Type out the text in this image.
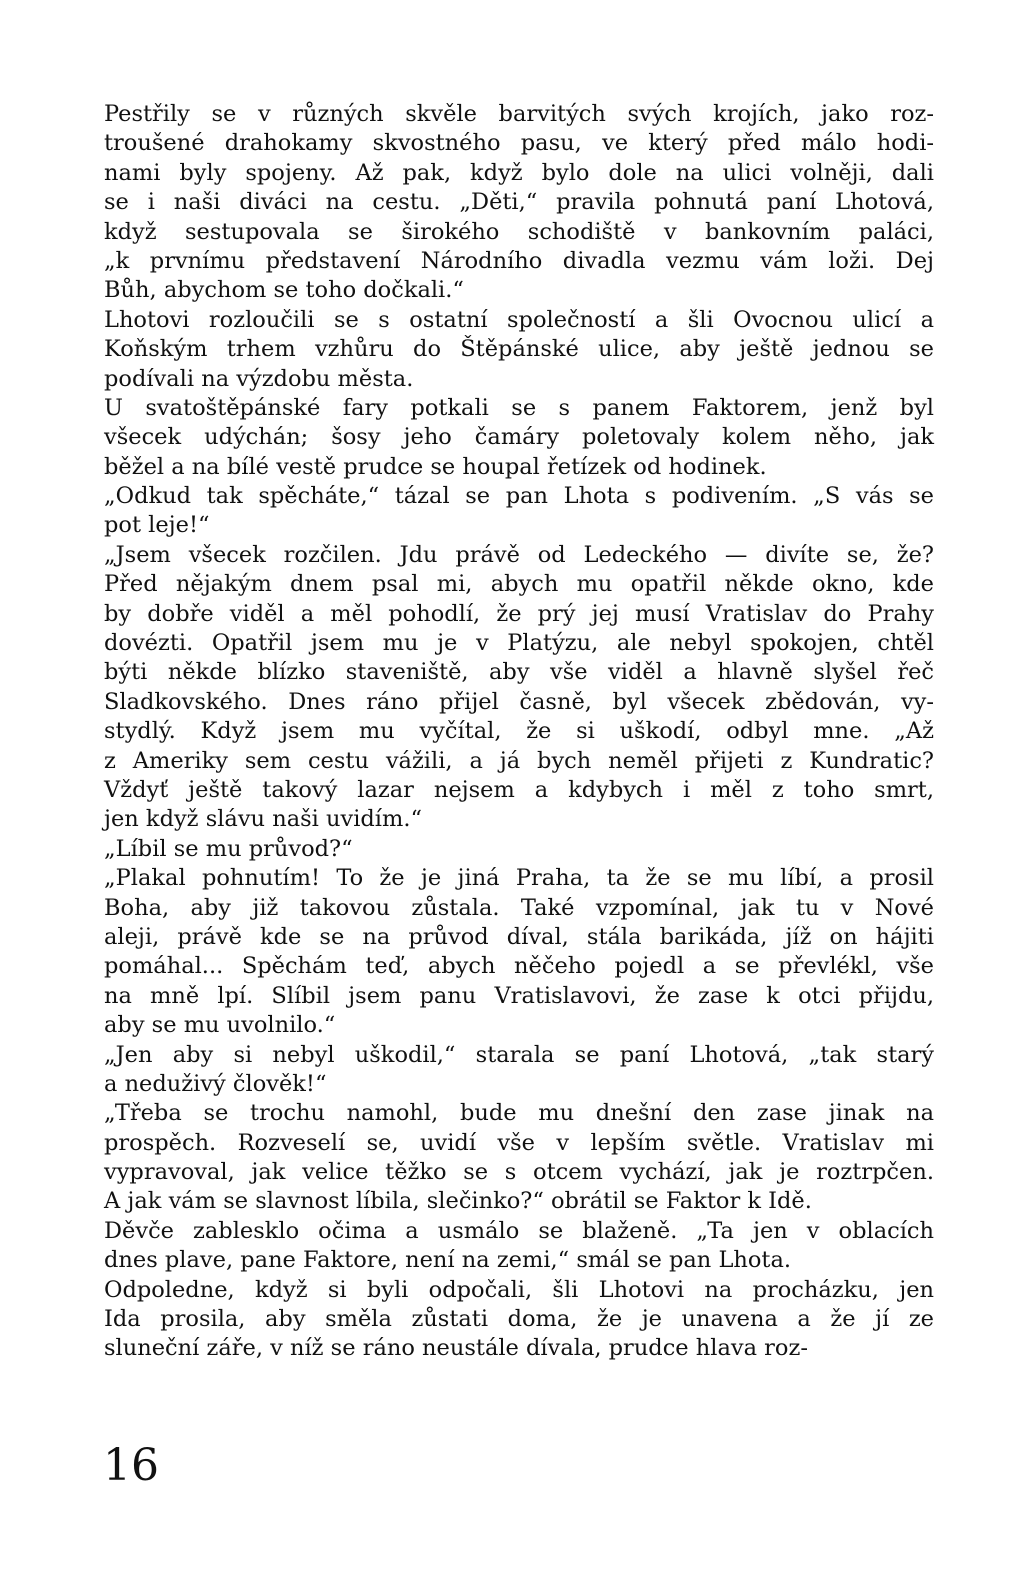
Pestřily se v různých skvěle barvitých svých krojích, jako roz-
troušené drahokamy skvostného pasu, ve který před málo hodi-
nami byly spojeny. Až pak, když bylo dole na ulici volněji, dali
se i naši diváci na cestu. „Děti,“ pravila pohnutá paní Lhotová,
když sestupovala se širokého schodiště v bankovním paláci,
„k prvnímu představení Národního divadla vezmu vám loži. Dej
Bůh, abychom se toho dočkali.“
Lhotovi rozloučili se s ostatní společností a šli Ovocnou ulicí a
Koňským trhem vzhůru do Štěpánské ulice, aby ještě jednou se
podívali na výzdobu města.
U svatoštěpánské fary potkali se s panem Faktorem, jenž byl
všecek udýchán; šosy jeho čamáry poletovaly kolem něho, jak
běžel a na bílé vestě prudce se houpal řetízek od hodinek.
„Odkud tak spěcháte,“ tázal se pan Lhota s podivením. „S vás se
pot leje!“
„Jsem všecek rozčilen. Jdu právě od Ledeckého — divíte se, že?
Před nějakým dnem psal mi, abych mu opatřil někde okno, kde
by dobře viděl a měl pohodlí, že prý jej musí Vratislav do Prahy
dovézti. Opatřil jsem mu je v Platýzu, ale nebyl spokojen, chtěl
býti někde blízko staveniště, aby vše viděl a hlavně slyšel řeč
Sladkovského. Dnes ráno přijel časně, byl všecek zbědován, vy-
stydlý. Když jsem mu vyčítal, že si uškodí, odbyl mne. „Až
z Ameriky sem cestu vážili, a já bych neměl přijeti z Kundratic?
Vždyť ještě takový lazar nejsem a kdybych i měl z toho smrt,
jen když slávu naši uvidím.“
„Líbil se mu průvod?“
„Plakal pohnutím! To že je jiná Praha, ta že se mu líbí, a prosil
Boha, aby již takovou zůstala. Také vzpomínal, jak tu v Nové
aleji, právě kde se na průvod díval, stála barikáda, jíž on hájiti
pomáhal... Spěchám teď, abych něčeho pojedl a se převlékl, vše
na mně lpí. Slíbil jsem panu Vratislavovi, že zase k otci přijdu,
aby se mu uvolnilo.“
„Jen aby si nebyl uškodil,“ starala se paní Lhotová, „tak starý
a neduživý člověk!“
„Třeba se trochu namohl, bude mu dnešní den zase jinak na
prospěch. Rozveselí se, uvidí vše v lepším světle. Vratislav mi
vypravoval, jak velice těžko se s otcem vychází, jak je roztrpčen.
A jak vám se slavnost líbila, slečinko?“ obrátil se Faktor k Idě.
Děvče zablesklo očima a usmálo se blaženě. „Ta jen v oblacích
dnes plave, pane Faktore, není na zemi,“ smál se pan Lhota.
Odpoledne, když si byli odpočali, šli Lhotovi na procházku, jen
Ida prosila, aby směla zůstati doma, že je unavena a že jí ze
sluneční záře, v níž se ráno neustále dívala, prudce hlava roz-
16
